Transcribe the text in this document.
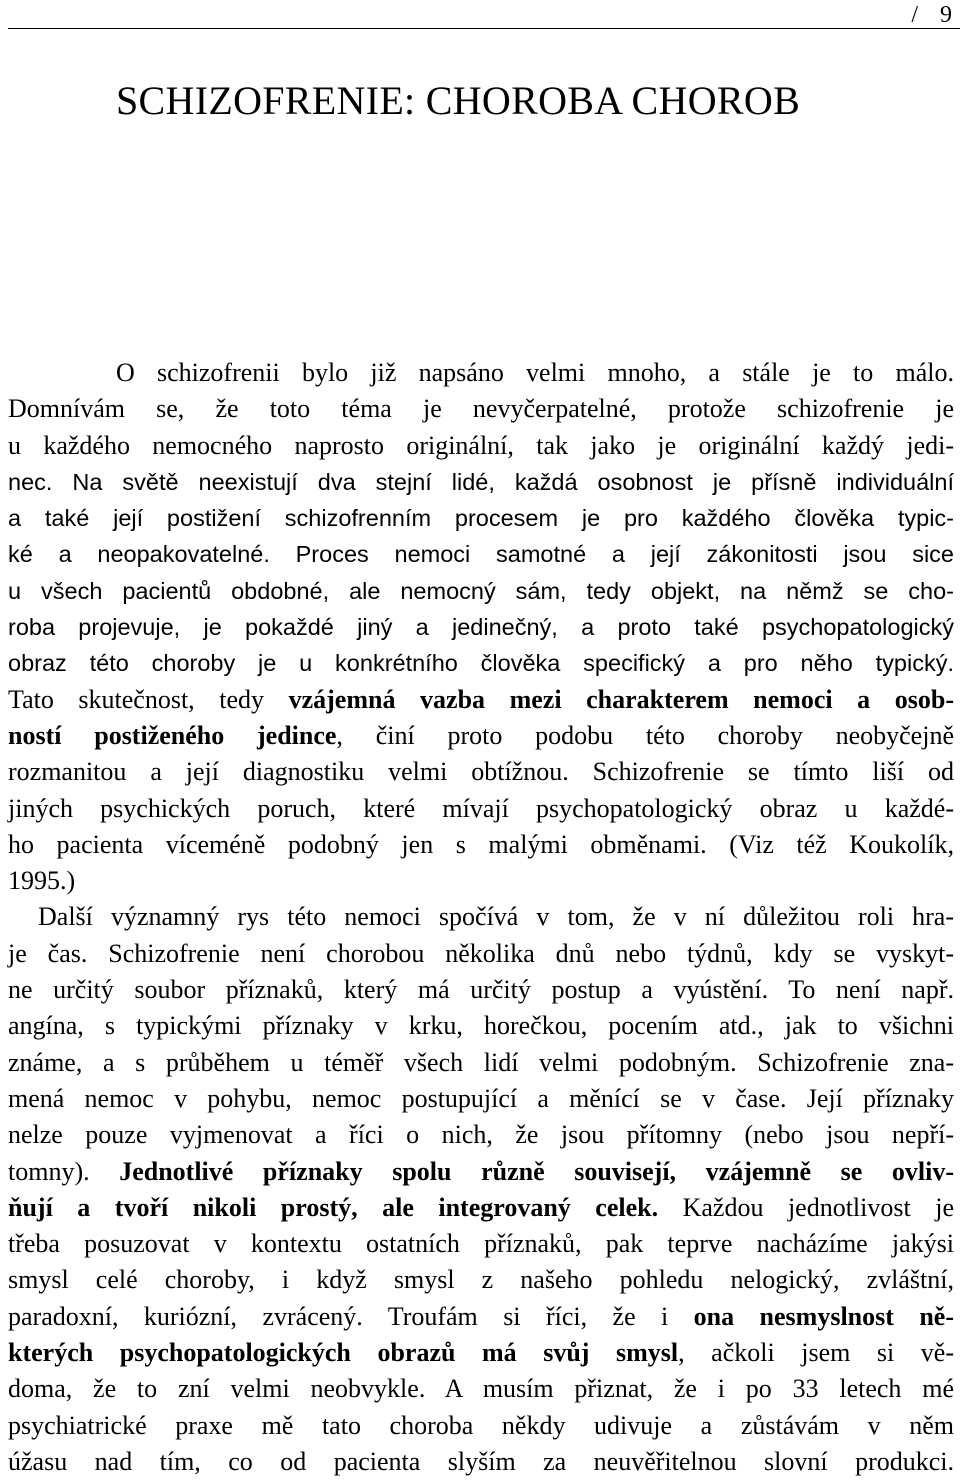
/ 9
SCHIZOFRENIE: CHOROBA CHOROB
O schizofrenii bylo již napsáno velmi mnoho, a stále je to málo.
Domnívám se, že toto téma je nevyčerpatelné, protože schizofrenie je
u každého nemocného naprosto originální, tak jako je originální každý jedi-
nec. Na světě neexistují dva stejní lidé, každá osobnost je přísně individuální
a také její postižení schizofrenním procesem je pro každého člověka typic-
ké a neopakovatelné. Proces nemoci samotné a její zákonitosti jsou sice
u všech pacientů obdobné, ale nemocný sám, tedy objekt, na němž se cho-
roba projevuje, je pokaždé jiný a jedinečný, a proto také psychopatologický
obraz této choroby je u konkrétního člověka specifický a pro něho typický.
Tato skutečnost, tedy vzájemná vazba mezi charakterem nemoci a osob-
ností postiženého jedince, činí proto podobu této choroby neobyčejně
rozmanitou a její diagnostiku velmi obtížnou. Schizofrenie se tímto liší od
jiných psychických poruch, které mívají psychopatologický obraz u každé-
ho pacienta víceméně podobný jen s malými obměnami. (Viz též Koukolík,
1995.)
Další významný rys této nemoci spočívá v tom, že v ní důležitou roli hra-
je čas. Schizofrenie není chorobou několika dnů nebo týdnů, kdy se vyskyt-
ne určitý soubor příznaků, který má určitý postup a vyústění. To není např.
angína, s typickými příznaky v krku, horečkou, pocením atd., jak to všichni
známe, a s průběhem u téměř všech lidí velmi podobným. Schizofrenie zna-
mená nemoc v pohybu, nemoc postupující a měnící se v čase. Její příznaky
nelze pouze vyjmenovat a říci o nich, že jsou přítomny (nebo jsou nepří-
tomny). Jednotlivé příznaky spolu různě souvisejí, vzájemně se ovliv-
ňují a tvoří nikoli prostý, ale integrovaný celek. Každou jednotlivost je
třeba posuzovat v kontextu ostatních příznaků, pak teprve nacházíme jakýsi
smysl celé choroby, i když smysl z našeho pohledu nelogický, zvláštní,
paradoxní, kuriózní, zvrácený. Troufám si říci, že i ona nesmyslnost ně-
kterých psychopatologických obrazů má svůj smysl, ačkoli jsem si vě-
doma, že to zní velmi neobvykle. A musím přiznat, že i po 33 letech mé
psychiatrické praxe mě tato choroba někdy udivuje a zůstávám v něm
úžasu nad tím, co od pacienta slyším za neuvěřitelnou slovní produkci.
